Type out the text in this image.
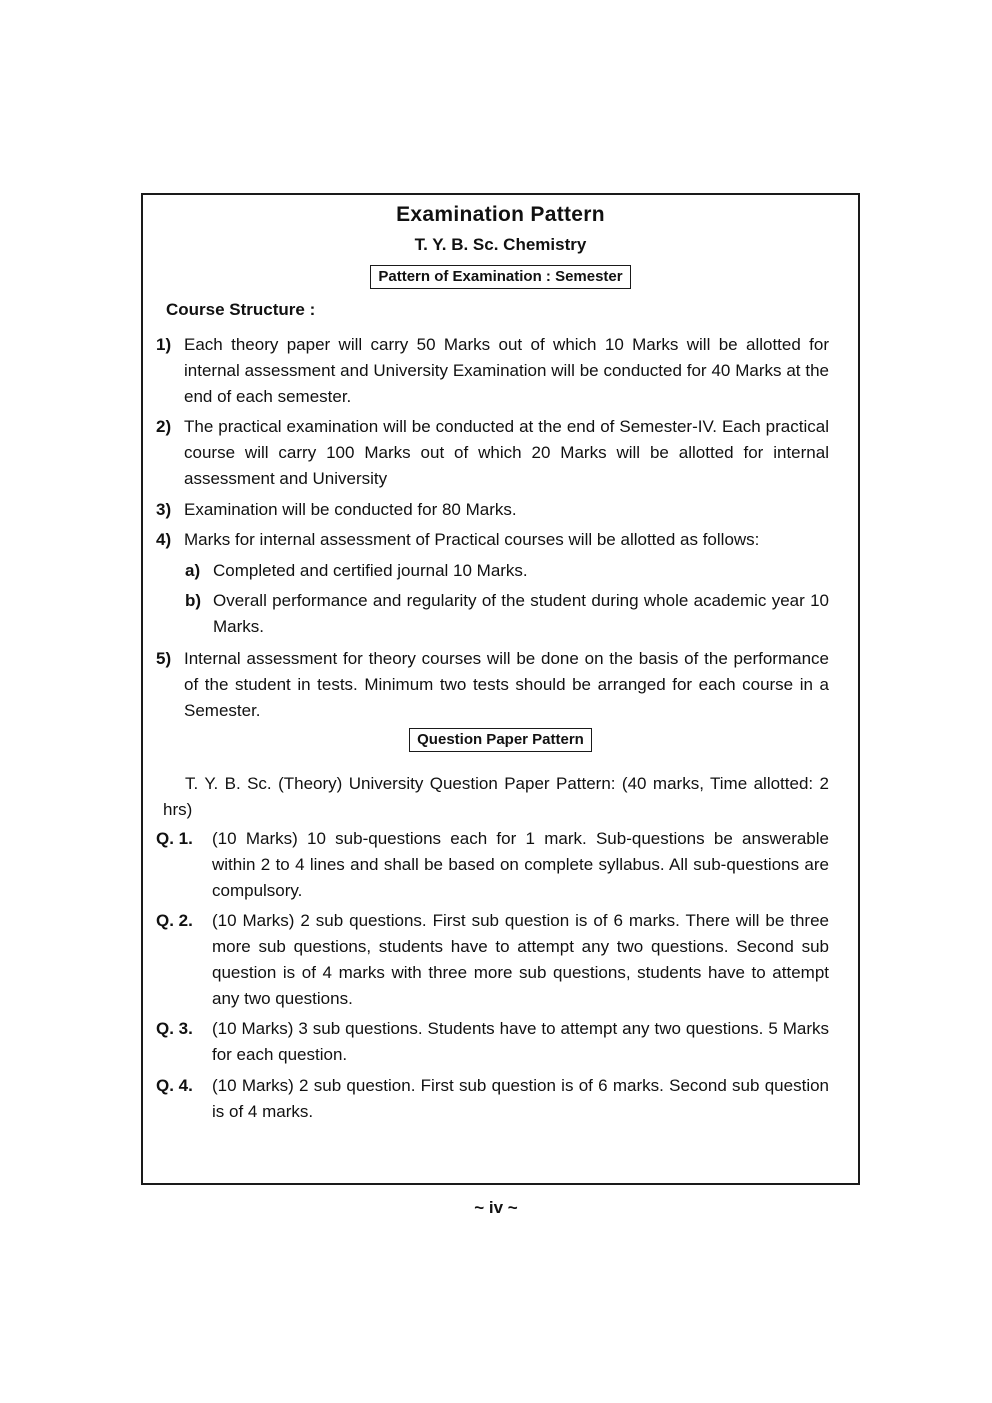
Examination Pattern
T. Y. B. Sc. Chemistry
Pattern of Examination : Semester
Course Structure :
1) Each theory paper will carry 50 Marks out of which 10 Marks will be allotted for internal assessment and University Examination will be conducted for 40 Marks at the end of each semester.
2) The practical examination will be conducted at the end of Semester-IV. Each practical course will carry 100 Marks out of which 20 Marks will be allotted for internal assessment and University
3) Examination will be conducted for 80 Marks.
4) Marks for internal assessment of Practical courses will be allotted as follows:
a) Completed and certified journal 10 Marks.
b) Overall performance and regularity of the student during whole academic year 10 Marks.
5) Internal assessment for theory courses will be done on the basis of the performance of the student in tests. Minimum two tests should be arranged for each course in a Semester.
Question Paper Pattern
T. Y. B. Sc. (Theory) University Question Paper Pattern: (40 marks, Time allotted: 2 hrs)
Q. 1. (10 Marks) 10 sub-questions each for 1 mark. Sub-questions be answerable within 2 to 4 lines and shall be based on complete syllabus. All sub-questions are compulsory.
Q. 2. (10 Marks) 2 sub questions. First sub question is of 6 marks. There will be three more sub questions, students have to attempt any two questions. Second sub question is of 4 marks with three more sub questions, students have to attempt any two questions.
Q. 3. (10 Marks) 3 sub questions. Students have to attempt any two questions. 5 Marks for each question.
Q. 4. (10 Marks) 2 sub question. First sub question is of 6 marks. Second sub question is of 4 marks.
~ iv ~
